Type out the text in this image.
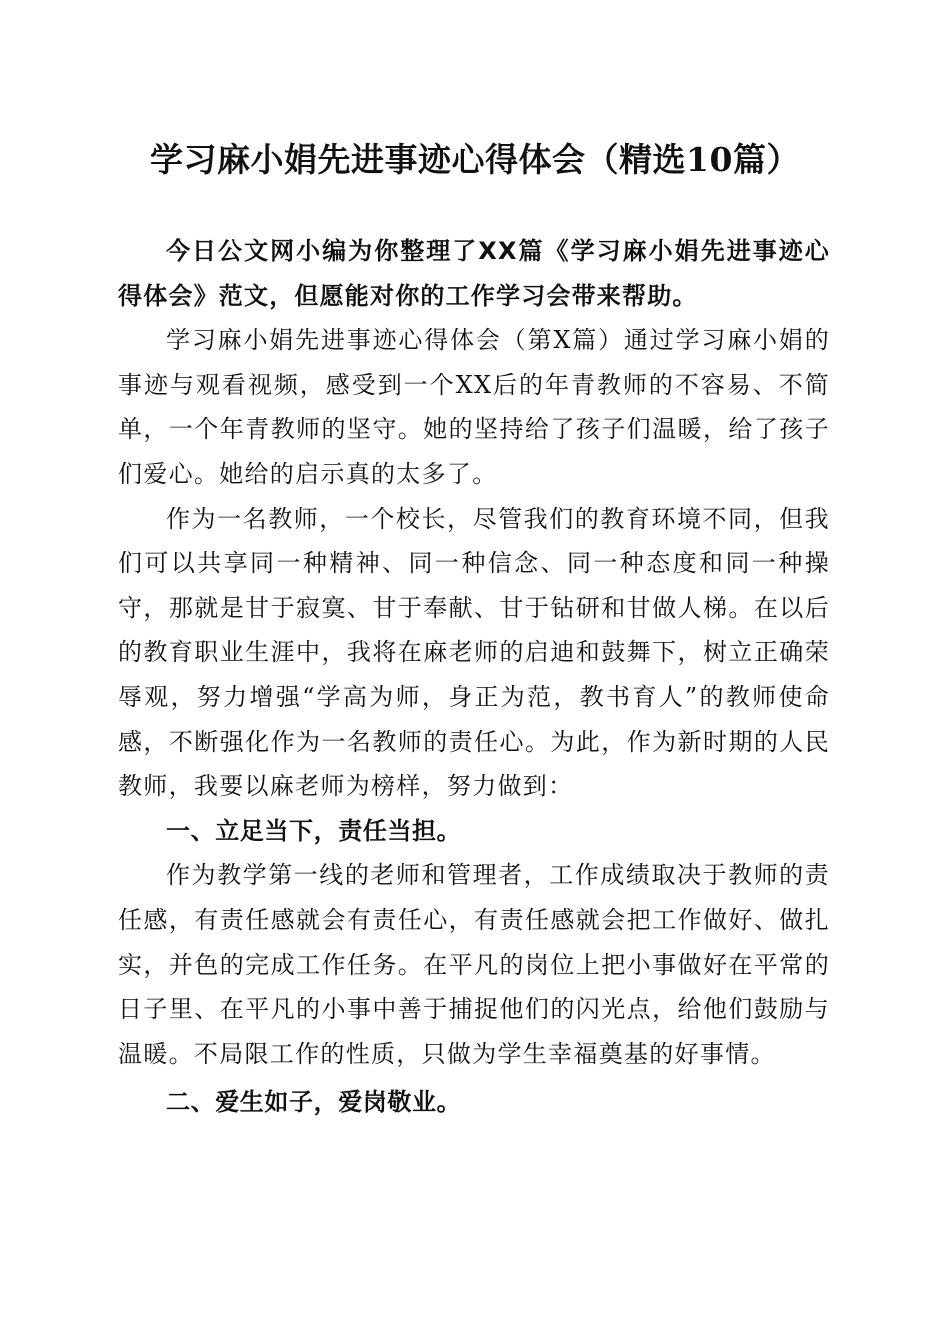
学习麻小娟先进事迹心得体会（精选10篇）

今日公文网小编为你整理了XX篇《学习麻小娟先进事迹心得体会》范文，但愿能对你的工作学习会带来帮助。

学习麻小娟先进事迹心得体会（第X篇）通过学习麻小娟的事迹与观看视频，感受到一个XX后的年青教师的不容易、不简单，一个年青教师的坚守。她的坚持给了孩子们温暖，给了孩子们爱心。她给的启示真的太多了。

作为一名教师，一个校长，尽管我们的教育环境不同，但我们可以共享同一种精神、同一种信念、同一种态度和同一种操守，那就是甘于寂寞、甘于奉献、甘于钻研和甘做人梯。在以后的教育职业生涯中，我将在麻老师的启迪和鼓舞下，树立正确荣辱观，努力增强“学高为师，身正为范，教书育人”的教师使命感，不断强化作为一名教师的责任心。为此，作为新时期的人民教师，我要以麻老师为榜样，努力做到：

一、立足当下，责任当担。

作为教学第一线的老师和管理者，工作成绩取决于教师的责任感，有责任感就会有责任心，有责任感就会把工作做好、做扎实，并色的完成工作任务。在平凡的岗位上把小事做好在平常的日子里、在平凡的小事中善于捕捉他们的闪光点，给他们鼓励与温暖。不局限工作的性质，只做为学生幸福奠基的好事情。

二、爱生如子，爱岗敬业。
